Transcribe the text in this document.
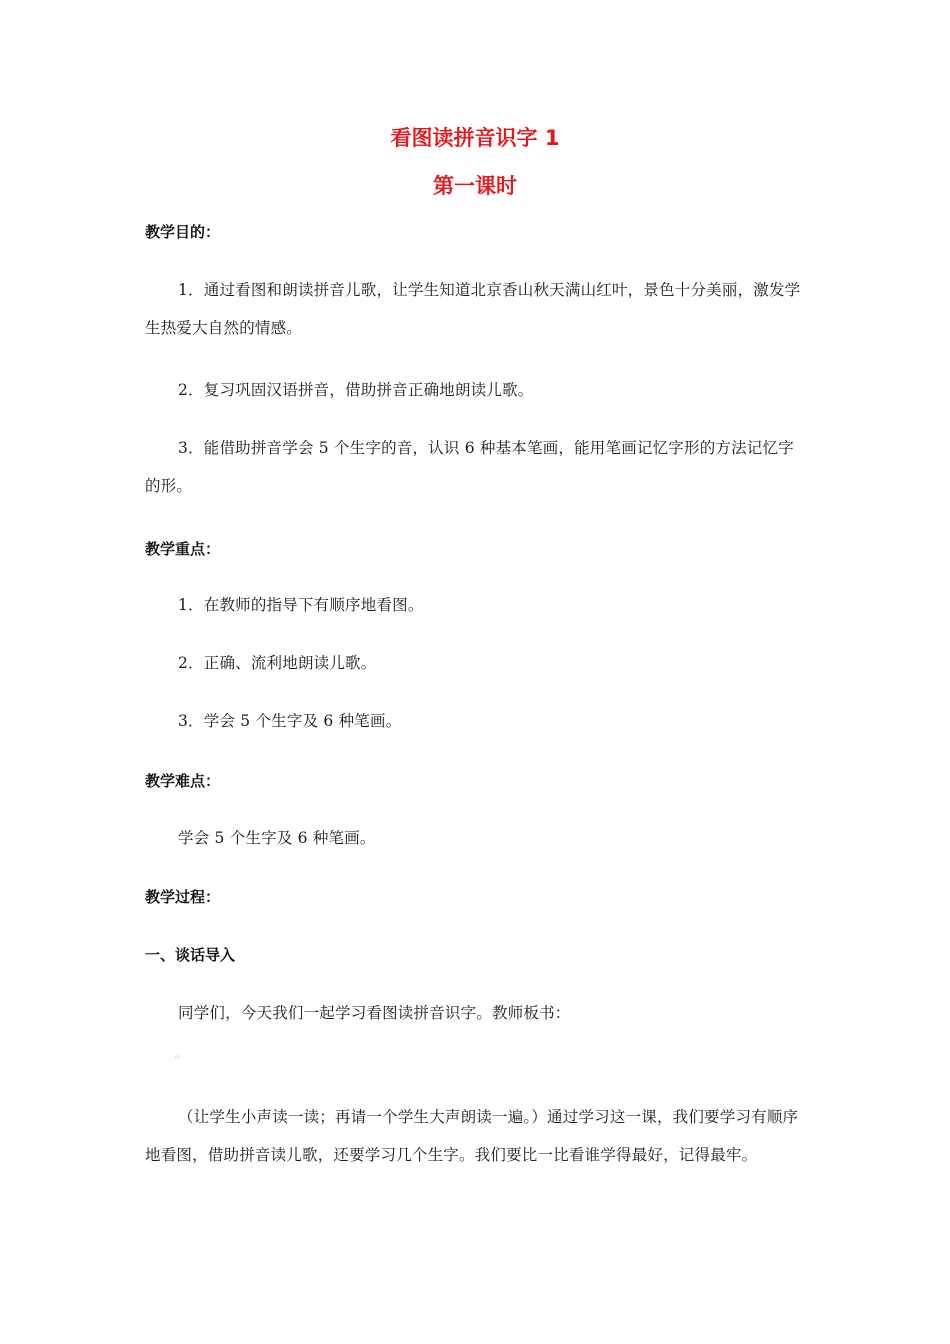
看图读拼音识字 1
第一课时
教学目的：
1．通过看图和朗读拼音儿歌，让学生知道北京香山秋天满山红叶，景色十分美丽，激发学生热爱大自然的情感。
2．复习巩固汉语拼音，借助拼音正确地朗读儿歌。
3．能借助拼音学会 5 个生字的音，认识 6 种基本笔画，能用笔画记忆字形的方法记忆字的形。
教学重点：
1．在教师的指导下有顺序地看图。
2．正确、流利地朗读儿歌。
3．学会 5 个生字及 6 种笔画。
教学难点：
学会 5 个生字及 6 种笔画。
教学过程：
一、谈话导入
同学们，今天我们一起学习看图读拼音识字。教师板书：
(((
（让学生小声读一读；再请一个学生大声朗读一遍。）通过学习这一课，我们要学习有顺序地看图，借助拼音读儿歌，还要学习几个生字。我们要比一比看谁学得最好，记得最牢。
